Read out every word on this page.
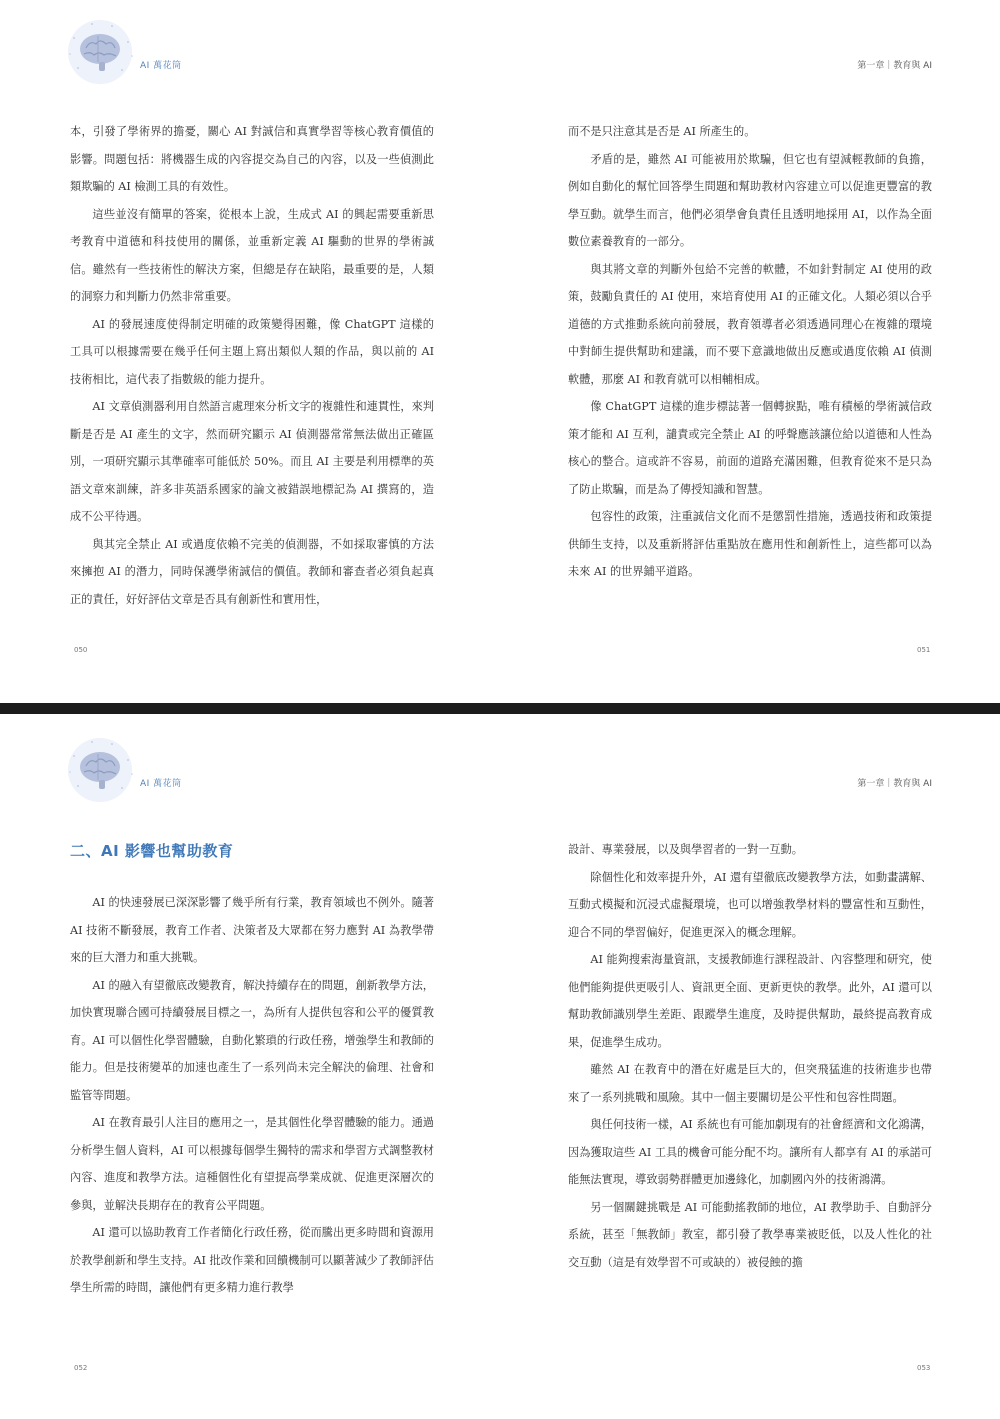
AI 萬花筒	第一章｜教育與 AI

本，引發了學術界的擔憂，關心 AI 對誠信和真實學習等核心教育價值的影響。問題包括：將機器生成的內容提交為自己的內容，以及一些偵測此類欺騙的 AI 檢測工具的有效性。

這些並沒有簡單的答案，從根本上說，生成式 AI 的興起需要重新思考教育中道德和科技使用的關係，並重新定義 AI 驅動的世界的學術誠信。雖然有一些技術性的解決方案，但總是存在缺陷，最重要的是，人類的洞察力和判斷力仍然非常重要。

AI 的發展速度使得制定明確的政策變得困難，像 ChatGPT 這樣的工具可以根據需要在幾乎任何主題上寫出類似人類的作品，與以前的 AI 技術相比，這代表了指數級的能力提升。

AI 文章偵測器利用自然語言處理來分析文字的複雜性和連貫性，來判斷是否是 AI 產生的文字，然而研究顯示 AI 偵測器常常無法做出正確區別，一項研究顯示其準確率可能低於 50%。而且 AI 主要是利用標準的英語文章來訓練，許多非英語系國家的論文被錯誤地標記為 AI 撰寫的，造成不公平待遇。

與其完全禁止 AI 或過度依賴不完美的偵測器，不如採取審慎的方法來擁抱 AI 的潛力，同時保護學術誠信的價值。教師和審查者必須負起真正的責任，好好評估文章是否具有創新性和實用性，

而不是只注意其是否是 AI 所產生的。

矛盾的是，雖然 AI 可能被用於欺騙，但它也有望減輕教師的負擔，例如自動化的幫忙回答學生問題和幫助教材內容建立可以促進更豐富的教學互動。就學生而言，他們必須學會負責任且透明地採用 AI，以作為全面數位素養教育的一部分。

與其將文章的判斷外包給不完善的軟體，不如針對制定 AI 使用的政策，鼓勵負責任的 AI 使用，來培育使用 AI 的正確文化。人類必須以合乎道德的方式推動系統向前發展，教育領導者必須透過同理心在複雜的環境中對師生提供幫助和建議，而不要下意識地做出反應或過度依賴 AI 偵測軟體，那麼 AI 和教育就可以相輔相成。

像 ChatGPT 這樣的進步標誌著一個轉捩點，唯有積極的學術誠信政策才能和 AI 互利，譴責或完全禁止 AI 的呼聲應該讓位給以道德和人性為核心的整合。這或許不容易，前面的道路充滿困難，但教育從來不是只為了防止欺騙，而是為了傳授知識和智慧。

包容性的政策，注重誠信文化而不是懲罰性措施，透過技術和政策提供師生支持，以及重新將評估重點放在應用性和創新性上，這些都可以為未來 AI 的世界鋪平道路。

050	051
AI 萬花筒	第一章｜教育與 AI
二、AI 影響也幫助教育

AI 的快速發展已深深影響了幾乎所有行業，教育領域也不例外。隨著 AI 技術不斷發展，教育工作者、決策者及大眾都在努力應對 AI 為教學帶來的巨大潛力和重大挑戰。

AI 的融入有望徹底改變教育，解決持續存在的問題，創新教學方法，加快實現聯合國可持續發展目標之一，為所有人提供包容和公平的優質教育。AI 可以個性化學習體驗，自動化繁瑣的行政任務，增強學生和教師的能力。但是技術變革的加速也產生了一系列尚未完全解決的倫理、社會和監管等問題。

AI 在教育最引人注目的應用之一，是其個性化學習體驗的能力。通過分析學生個人資料，AI 可以根據每個學生獨特的需求和學習方式調整教材內容、進度和教學方法。這種個性化有望提高學業成就、促進更深層次的參與，並解決長期存在的教育公平問題。

AI 還可以協助教育工作者簡化行政任務，從而騰出更多時間和資源用於教學創新和學生支持。AI 批改作業和回饋機制可以顯著減少了教師評估學生所需的時間，讓他們有更多精力進行教學

設計、專業發展，以及與學習者的一對一互動。

除個性化和效率提升外，AI 還有望徹底改變教學方法，如動畫講解、互動式模擬和沉浸式虛擬環境，也可以增強教學材料的豐富性和互動性，迎合不同的學習偏好，促進更深入的概念理解。

AI 能夠搜索海量資訊，支援教師進行課程設計、內容整理和研究，使他們能夠提供更吸引人、資訊更全面、更新更快的教學。此外，AI 還可以幫助教師識別學生差距、跟蹤學生進度，及時提供幫助，最終提高教育成果，促進學生成功。

雖然 AI 在教育中的潛在好處是巨大的，但突飛猛進的技術進步也帶來了一系列挑戰和風險。其中一個主要關切是公平性和包容性問題。

與任何技術一樣，AI 系統也有可能加劇現有的社會經濟和文化鴻溝，因為獲取這些 AI 工具的機會可能分配不均。讓所有人都享有 AI 的承諾可能無法實現，導致弱勢群體更加邊緣化，加劇國內外的技術鴻溝。

另一個關鍵挑戰是 AI 可能動搖教師的地位，AI 教學助手、自動評分系統，甚至「無教師」教室，都引發了教學專業被貶低，以及人性化的社交互動（這是有效學習不可或缺的）被侵蝕的擔

052	053
